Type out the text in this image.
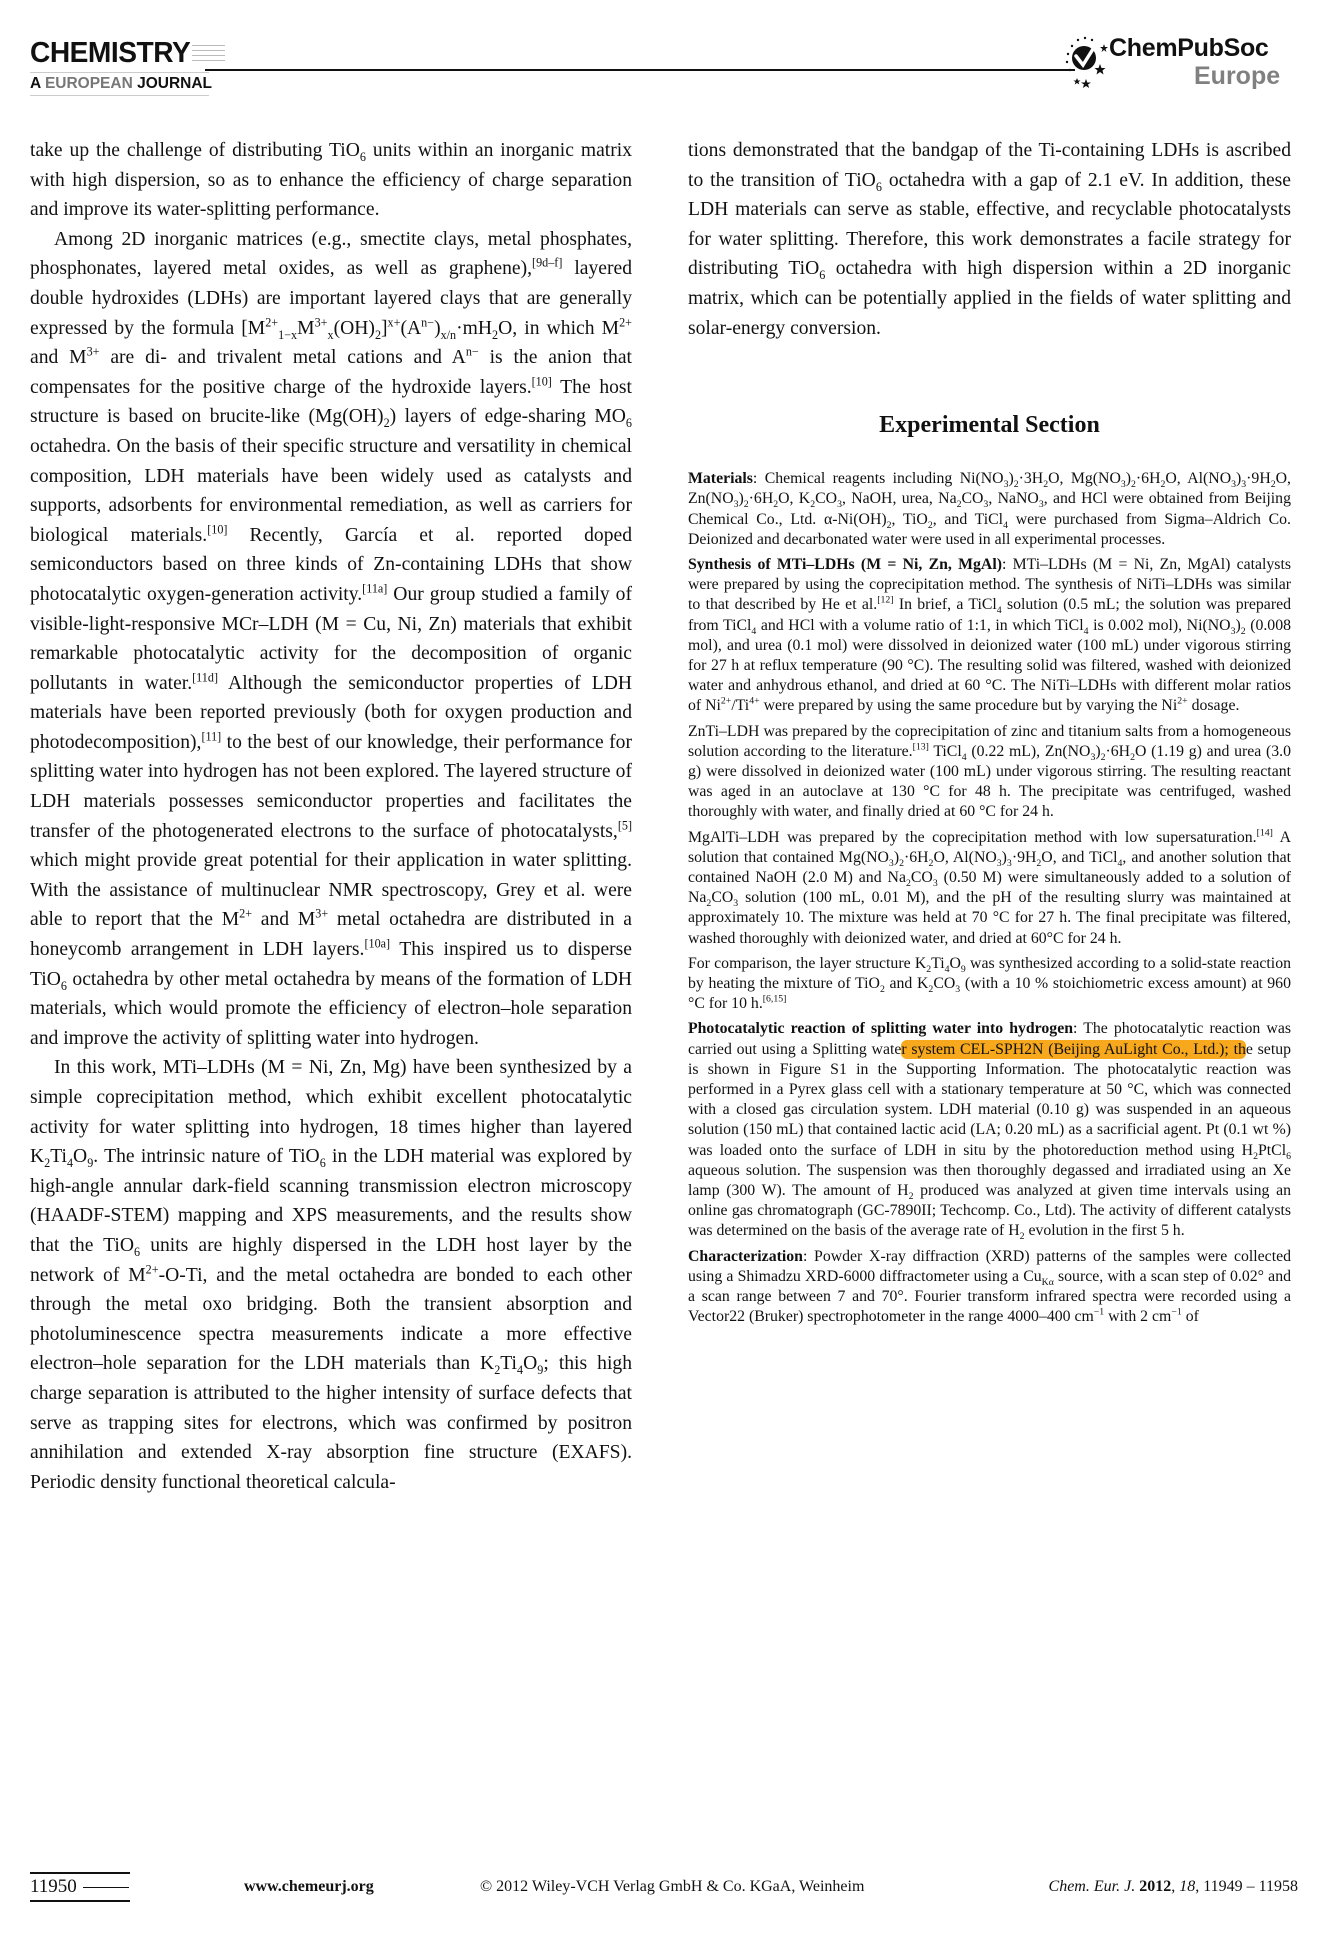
CHEMISTRY
A EUROPEAN JOURNAL
ChemPubSoc
Europe

take up the challenge of distributing TiO$_6$ units within an inorganic matrix with high dispersion, so as to enhance the efficiency of charge separation and improve its water-splitting performance.

Among 2D inorganic matrices (e.g., smectite clays, metal phosphates, phosphonates, layered metal oxides, as well as graphene),[9d–f] layered double hydroxides (LDHs) are important layered clays that are generally expressed by the formula $[M^{2+}_{1-x}M^{3+}_x(OH)_2]^{x+}(A^{n-})_{x/n}\cdot mH_2O$, in which $M^{2+}$ and $M^{3+}$ are di- and trivalent metal cations and $A^{n-}$ is the anion that compensates for the positive charge of the hydroxide layers.[10] The host structure is based on brucite-like $(Mg(OH)_2)$ layers of edge-sharing $MO_6$ octahedra. On the basis of their specific structure and versatility in chemical composition, LDH materials have been widely used as catalysts and supports, adsorbents for environmental remediation, as well as carriers for biological materials.[10] Recently, García et al. reported doped semiconductors based on three kinds of Zn-containing LDHs that show photocatalytic oxygen-generation activity.[11a] Our group studied a family of visible-light-responsive MCr–LDH (M = Cu, Ni, Zn) materials that exhibit remarkable photocatalytic activity for the decomposition of organic pollutants in water.[11d] Although the semiconductor properties of LDH materials have been reported previously (both for oxygen production and photodecomposition),[11] to the best of our knowledge, their performance for splitting water into hydrogen has not been explored. The layered structure of LDH materials possesses semiconductor properties and facilitates the transfer of the photogenerated electrons to the surface of photocatalysts,[5] which might provide great potential for their application in water splitting. With the assistance of multinuclear NMR spectroscopy, Grey et al. were able to report that the $M^{2+}$ and $M^{3+}$ metal octahedra are distributed in a honeycomb arrangement in LDH layers.[10a] This inspired us to disperse TiO$_6$ octahedra by other metal octahedra by means of the formation of LDH materials, which would promote the efficiency of electron–hole separation and improve the activity of splitting water into hydrogen.

In this work, MTi–LDHs (M = Ni, Zn, Mg) have been synthesized by a simple coprecipitation method, which exhibit excellent photocatalytic activity for water splitting into hydrogen, 18 times higher than layered $K_2Ti_4O_9$. The intrinsic nature of TiO$_6$ in the LDH material was explored by high-angle annular dark-field scanning transmission electron microscopy (HAADF-STEM) mapping and XPS measurements, and the results show that the TiO$_6$ units are highly dispersed in the LDH host layer by the network of $M^{2+}-O-Ti$, and the metal octahedra are bonded to each other through the metal oxo bridging. Both the transient absorption and photoluminescence spectra measurements indicate a more effective electron–hole separation for the LDH materials than $K_2Ti_4O_9$; this high charge separation is attributed to the higher intensity of surface defects that serve as trapping sites for electrons, which was confirmed by positron annihilation and extended X-ray absorption fine structure (EXAFS). Periodic density functional theoretical calcula-

tions demonstrated that the bandgap of the Ti-containing LDHs is ascribed to the transition of TiO$_6$ octahedra with a gap of 2.1 eV. In addition, these LDH materials can serve as stable, effective, and recyclable photocatalysts for water splitting. Therefore, this work demonstrates a facile strategy for distributing TiO$_6$ octahedra with high dispersion within a 2D inorganic matrix, which can be potentially applied in the fields of water splitting and solar-energy conversion.

Experimental Section

Materials: Chemical reagents including $Ni(NO_3)_2\cdot 3H_2O$, $Mg(NO_3)_2\cdot 6H_2O$, $Al(NO_3)_3\cdot 9H_2O$, $Zn(NO_3)_2\cdot 6H_2O$, $K_2CO_3$, NaOH, urea, $Na_2CO_3$, NaNO$_3$, and HCl were obtained from Beijing Chemical Co., Ltd. $\alpha-Ni(OH)_2$, TiO$_2$, and TiCl$_4$ were purchased from Sigma–Aldrich Co. Deionized and decarbonated water were used in all experimental processes.

Synthesis of MTi–LDHs (M = Ni, Zn, MgAl): MTi–LDHs (M = Ni, Zn, MgAl) catalysts were prepared by using the coprecipitation method. The synthesis of NiTi–LDHs was similar to that described by He et al.[12] In brief, a TiCl$_4$ solution (0.5 mL; the solution was prepared from TiCl$_4$ and HCl with a volume ratio of 1:1, in which TiCl$_4$ is 0.002 mol), $Ni(NO_3)_2$ (0.008 mol), and urea (0.1 mol) were dissolved in deionized water (100 mL) under vigorous stirring for 27 h at reflux temperature (90 °C). The resulting solid was filtered, washed with deionized water and anhydrous ethanol, and dried at 60 °C. The NiTi–LDHs with different molar ratios of $Ni^{2+}/Ti^{4+}$ were prepared by using the same procedure but by varying the $Ni^{2+}$ dosage.

ZnTi–LDH was prepared by the coprecipitation of zinc and titanium salts from a homogeneous solution according to the literature.[13] TiCl$_4$ (0.22 mL), $Zn(NO_3)_2\cdot 6H_2O$ (1.19 g) and urea (3.0 g) were dissolved in deionized water (100 mL) under vigorous stirring. The resulting reactant was aged in an autoclave at 130 °C for 48 h. The precipitate was centrifuged, washed thoroughly with water, and finally dried at 60 °C for 24 h.

MgAlTi–LDH was prepared by the coprecipitation method with low supersaturation.[14] A solution that contained $Mg(NO_3)_2\cdot 6H_2O$, $Al(NO_3)_3\cdot 9H_2O$, and TiCl$_4$, and another solution that contained NaOH (2.0 M) and $Na_2CO_3$ (0.50 M) were simultaneously added to a solution of $Na_2CO_3$ solution (100 mL, 0.01 M), and the pH of the resulting slurry was maintained at approximately 10. The mixture was held at 70 °C for 27 h. The final precipitate was filtered, washed thoroughly with deionized water, and dried at 60°C for 24 h.

For comparison, the layer structure $K_2Ti_4O_9$ was synthesized according to a solid-state reaction by heating the mixture of TiO$_2$ and $K_2CO_3$ (with a 10 % stoichiometric excess amount) at 960 °C for 10 h.[6,15]

Photocatalytic reaction of splitting water into hydrogen: The photocatalytic reaction was carried out using a Splitting water system CEL-SPH2N (Beijing AuLight Co., Ltd.); the setup is shown in Figure S1 in the Supporting Information. The photocatalytic reaction was performed in a Pyrex glass cell with a stationary temperature at 50 °C, which was connected with a closed gas circulation system. LDH material (0.10 g) was suspended in an aqueous solution (150 mL) that contained lactic acid (LA; 0.20 mL) as a sacrificial agent. Pt (0.1 wt %) was loaded onto the surface of LDH in situ by the photoreduction method using $H_2PtCl_6$ aqueous solution. The suspension was then thoroughly degassed and irradiated using an Xe lamp (300 W). The amount of $H_2$ produced was analyzed at given time intervals using an online gas chromatograph (GC-7890II; Techcomp. Co., Ltd). The activity of different catalysts was determined on the basis of the average rate of $H_2$ evolution in the first 5 h.

Characterization: Powder X-ray diffraction (XRD) patterns of the samples were collected using a Shimadzu XRD-6000 diffractometer using a $Cu_{K\alpha}$ source, with a scan step of 0.02° and a scan range between 7 and 70°. Fourier transform infrared spectra were recorded using a Vector22 (Bruker) spectrophotometer in the range 4000–400 $cm^{-1}$ with 2 $cm^{-1}$ of

11950	www.chemeurj.org	© 2012 Wiley-VCH Verlag GmbH & Co. KGaA, Weinheim	Chem. Eur. J. 2012, 18, 11949 – 11958
